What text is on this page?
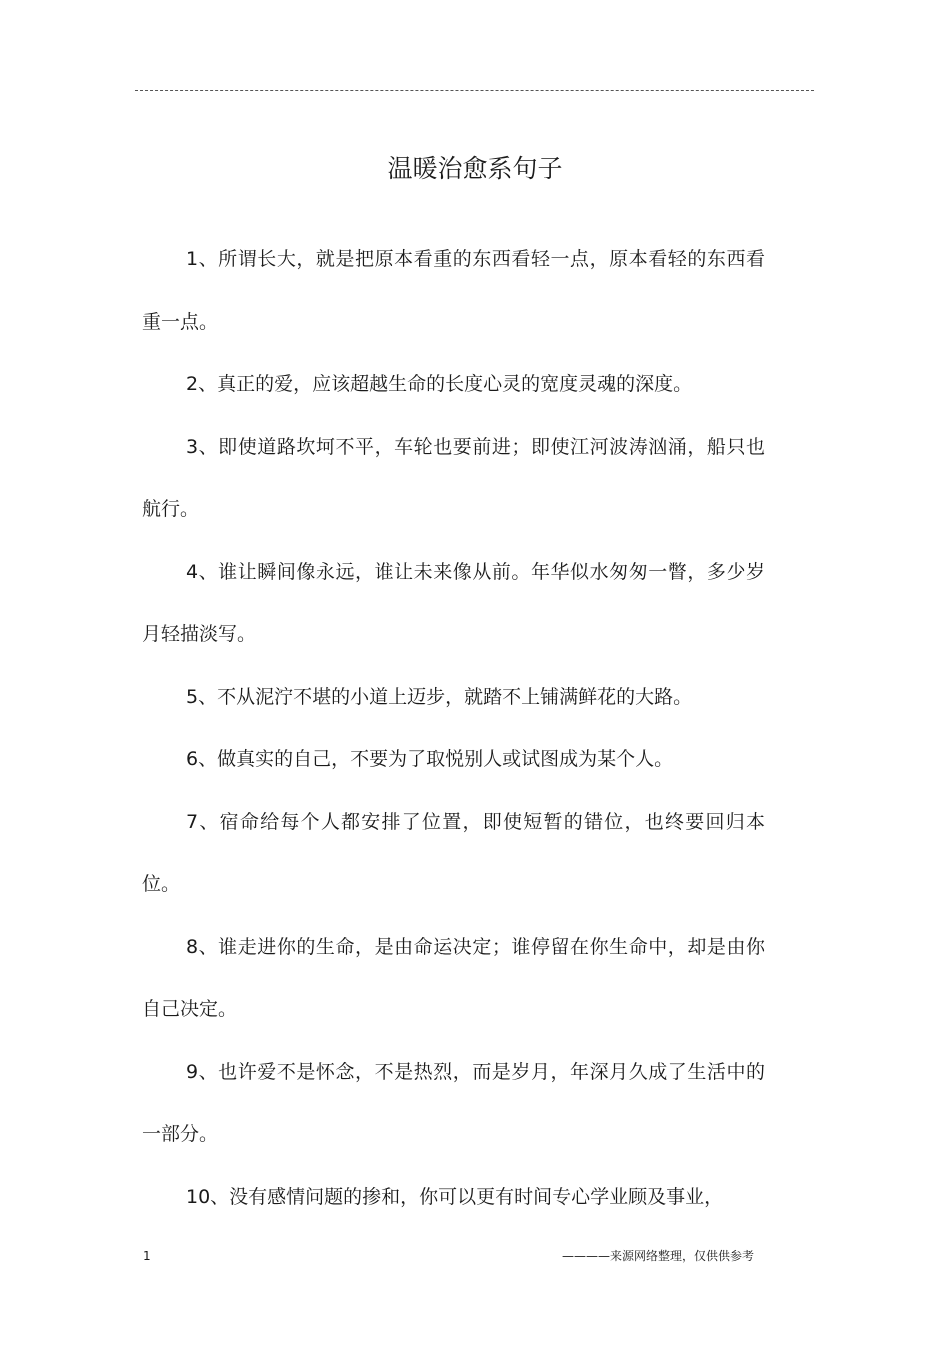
温暖治愈系句子

1、所谓长大，就是把原本看重的东西看轻一点，原本看轻的东西看重一点。

2、真正的爱，应该超越生命的长度心灵的宽度灵魂的深度。

3、即使道路坎坷不平，车轮也要前进；即使江河波涛汹涌，船只也航行。

4、谁让瞬间像永远，谁让未来像从前。年华似水匆匆一瞥，多少岁月轻描淡写。

5、不从泥泞不堪的小道上迈步，就踏不上铺满鲜花的大路。

6、做真实的自己，不要为了取悦别人或试图成为某个人。

7、宿命给每个人都安排了位置，即使短暂的错位，也终要回归本位。

8、谁走进你的生命，是由命运决定；谁停留在你生命中，却是由你自己决定。

9、也许爱不是怀念，不是热烈，而是岁月，年深月久成了生活中的一部分。

10、没有感情问题的掺和，你可以更有时间专心学业顾及事业，

1	————来源网络整理，仅供供参考
